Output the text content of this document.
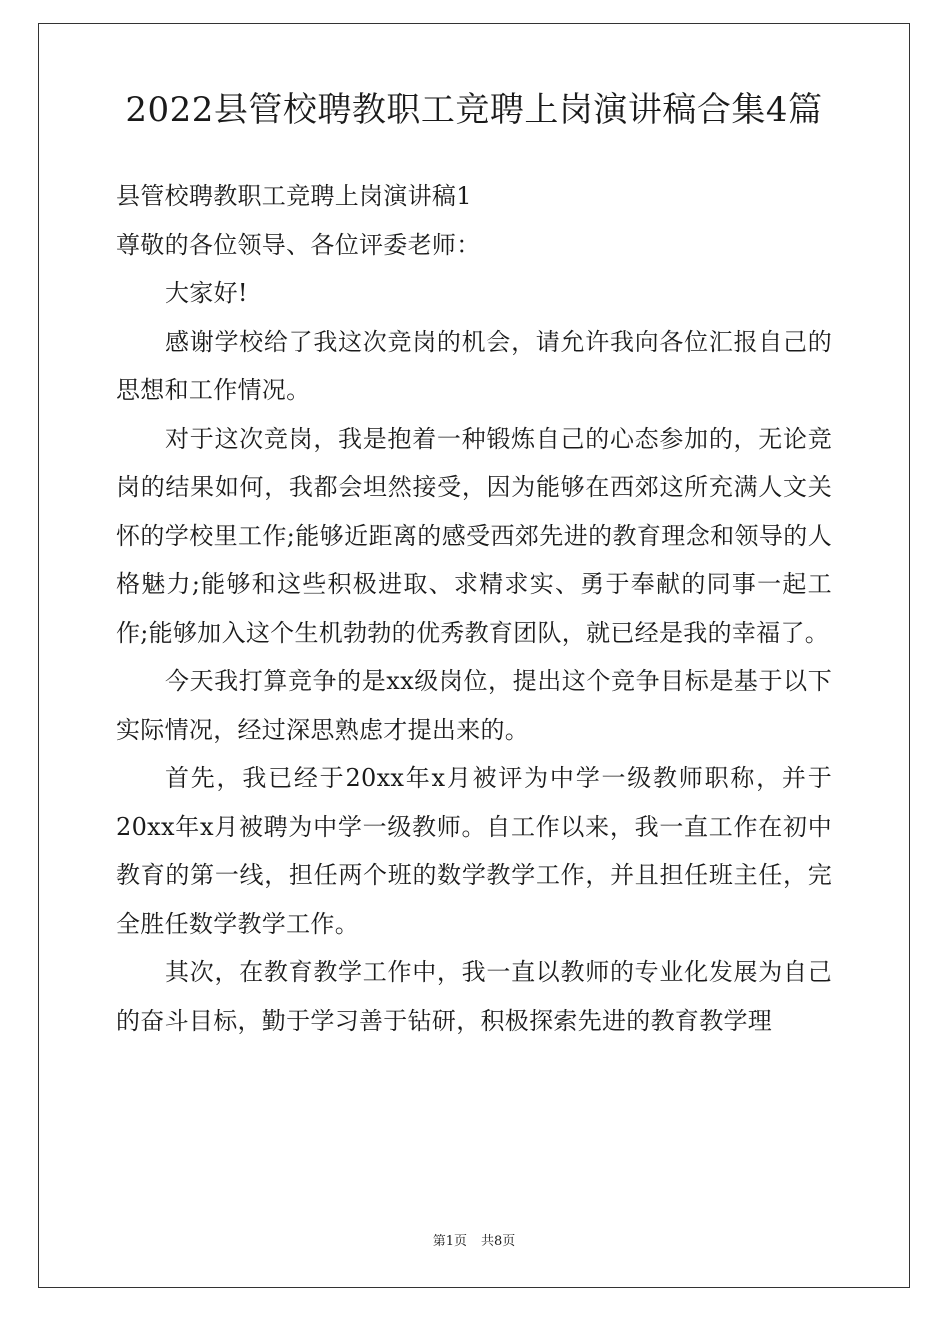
2022县管校聘教职工竞聘上岗演讲稿合集4篇

县管校聘教职工竞聘上岗演讲稿1

尊敬的各位领导、各位评委老师：

大家好!

感谢学校给了我这次竞岗的机会，请允许我向各位汇报自己的思想和工作情况。

对于这次竞岗，我是抱着一种锻炼自己的心态参加的，无论竞岗的结果如何，我都会坦然接受，因为能够在西郊这所充满人文关怀的学校里工作;能够近距离的感受西郊先进的教育理念和领导的人格魅力;能够和这些积极进取、求精求实、勇于奉献的同事一起工作;能够加入这个生机勃勃的优秀教育团队，就已经是我的幸福了。

今天我打算竞争的是xx级岗位，提出这个竞争目标是基于以下实际情况，经过深思熟虑才提出来的。

首先，我已经于20xx年x月被评为中学一级教师职称，并于20xx年x月被聘为中学一级教师。自工作以来，我一直工作在初中教育的第一线，担任两个班的数学教学工作，并且担任班主任，完全胜任数学教学工作。

其次，在教育教学工作中，我一直以教师的专业化发展为自己的奋斗目标，勤于学习善于钻研，积极探索先进的教育教学理

第1页 共8页
